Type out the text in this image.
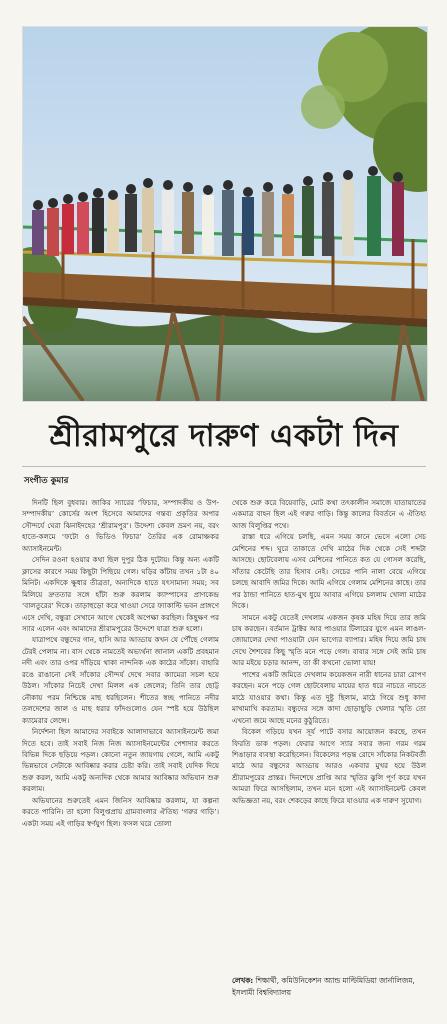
শ্রীরামপুরে দারুণ একটা দিন
সংগীত কুমার

দিনটি ছিল বুধবার। জাকির স্যারের ‘ফিচার, সম্পাদকীয় ও উপ-সম্পাদকীয়’ কোর্সের অংশ হিসেবে আমাদের গন্তব্য প্রকৃতির অপার সৌন্দর্যে ঘেরা ঝিনাইদহের ‘শ্রীরামপুর’। উদ্দেশ্য কেবল ভ্রমণ নয়, বরং হাতে-কলমে ‘ফটো ও ভিডিও ফিচার’ তৈরির এক রোমাঞ্চকর অ্যাসাইনমেন্ট।

সেদিন রওনা হওয়ার কথা ছিল দুপুর ঠিক দুটোয়। কিন্তু অন্য একটি ক্লাসের কারণে সময় কিছুটা পিছিয়ে গেল। ঘড়ির কাঁটায় তখন ১টা ৪০ মিনিট। একদিকে ক্ষুধার তীব্রতা, অন্যদিকে হাতে যৎসামান্য সময়; সব মিলিয়ে দ্রুততার সঙ্গে হাঁটা শুরু করলাম ক্যাম্পাসের প্রাণকেন্দ্র ‘বালতুরের’ দিকে। তাড়াহুড়ো করে খাওয়া সেরে ফ্যাকাল্টি ভবন প্রাঙ্গণে এসে দেখি, বন্ধুরা সেখানে আগে থেকেই অপেক্ষা করছিল। কিছুক্ষণ পর স্যার এলেন এবং আমাদের শ্রীরামপুরের উদ্দেশে যাত্রা শুরু হলো।

যাত্রাপথে বন্ধুদের গান, হাসি আর আড্ডায় কখন যে পৌঁছে গেলাম টেরই পেলাম না। বাস থেকে নামতেই অভ্যর্থনা জানাল একটি প্রবহমান নদী এবং তার ওপর দাঁড়িয়ে থাকা নান্দনিক এক কাঠের সাঁকো। বাহারি রঙে রাঙানো সেই সাঁকোর সৌন্দর্য দেখে সবার ক্যামেরা সচল হয়ে উঠল। সাঁকোর নিচেই দেখা মিলল এক জেলের; তিনি তার ছোট্ট নৌকায় পরম নিশ্চিন্তে মাছ ধরছিলেন। শীতের স্বচ্ছ পানিতে নদীর তলদেশের জাল ও মাছ ধরার ফাঁদগুলোও যেন স্পষ্ট হয়ে উঠছিল ক্যামেরার লেন্সে।

নির্দেশনা ছিল আমাদের সবাইকে আলাদাভাবে অ্যাসাইনমেন্ট জমা দিতে হবে। তাই সবাই নিজ নিজ অ্যাসাইনমেন্টের পেশাদার করতে বিভিন্ন দিকে ছড়িয়ে পড়ল। কোনো নতুন জায়গায় গেলে, আমি একটু ভিন্নভাবে সেটাকে আবিষ্কার করার চেষ্টা করি। তাই সবাই যেদিক দিয়ে শুরু করল, আমি একটু অন্যদিক থেকে আমার আবিষ্কার অভিযান শুরু করলাম।

অভিযানের শুরুতেই এমন জিনিস আবিষ্কার করলাম, যা কল্পনা করতে পারিনি। তা হলো বিলুপ্তপ্রায় গ্রামবাংলার ঐতিহ্য ‘গরুর গাড়ি’। একটা সময় এই গাড়ির স্বর্ণযুগ ছিল। ফসল ঘরে তোলা

থেকে শুরু করে বিয়েবাড়ি, মোট কথা তৎকালীন সমাজে যাতায়াতের একমাত্র বাহন ছিল এই গরুর গাড়ি। কিন্তু কালের বিবর্তনে এ ঐতিহ্য আজ বিলুপ্তির পথে।

রাস্তা ধরে এগিয়ে চলছি, এমন সময় কানে ভেসে এলো সেচ মেশিনের শব্দ। ঘুরে তাকাতে দেখি মাঠের দিক থেকে সেই শব্দটা আসছে। ছোটবেলায় এসব মেশিনের পানিতে কত যে গোসল করেছি, সাঁতার কেটেছি তার হিসাব নেই। সেচের পানি নালা বেয়ে এগিয়ে চলছে আবাদি জমির দিকে। আমি এগিয়ে গেলাম মেশিনের কাছে। তার পর ঠান্ডা পানিতে হাত-মুখ ধুয়ে আবার এগিয়ে চললাম খোলা মাঠের দিকে।

সামনে একটু যেতেই দেখলাম একজন কৃষক মহিষ দিয়ে তার জমি চাষ করছেন। বর্তমান ট্রাক্টর আর পাওয়ার টিলারের যুগে এমন লাঙল-জোয়ালের দেখা পাওয়াটা যেন ভাগ্যের ব্যাপার। মহিষ দিয়ে জমি চাষ দেখে শৈশবের কিছু স্মৃতি মনে পড়ে গেল। বাবার সঙ্গে সেই জমি চাষ আর মইয়ে চড়ার আনন্দ, তা কী কখনো ভোলা যায়!

পাশের একটি জমিতে দেখলাম কয়েকজন নারী ধানের চারা রোপণ করছেন। মনে পড়ে গেল ছোটবেলায় মায়ের হাত ধরে নাচতে নাচতে মাঠে যাওয়ার কথা। কিন্তু এত দুষ্টু ছিলাম, মাঠে গিয়ে শুধু কাদা মাখামাখি করতাম। বন্ধুদের সঙ্গে কাদা ছোড়াছুড়ি খেলার স্মৃতি তো এখনো জমে আছে মনের কুঠুরিতে।

বিকেল গড়িয়ে যখন সূর্য পাটে বসার আয়োজন করছে, তখন ফিরতি ডাক পড়ল। ফেরার আগে স্যার সবার জন্য গরম গরম শিঙাড়ার ব্যবস্থা করেছিলেন। বিকেলের পড়ন্ত রোদে সাঁকোর নিকটবর্তী মাঠে আর বন্ধুদের আড্ডায় আরও একবার মুখর হয়ে উঠল শ্রীরামপুরের প্রান্তর। দিনশেষে প্রাপ্তি আর স্মৃতির ঝুলি পূর্ণ করে যখন আমরা ফিরে আসছিলাম, তখন মনে হলো এই অ্যাসাইনমেন্ট কেবল অভিজ্ঞতা নয়, বরং শেকড়ের কাছে ফিরে যাওয়ার এক দারুণ সুযোগ।

লেখক: শিক্ষার্থী, কমিউনিকেশন অ্যান্ড মাল্টিমিডিয়া জার্নালিজম, ইসলামী বিশ্ববিদ্যালয়
